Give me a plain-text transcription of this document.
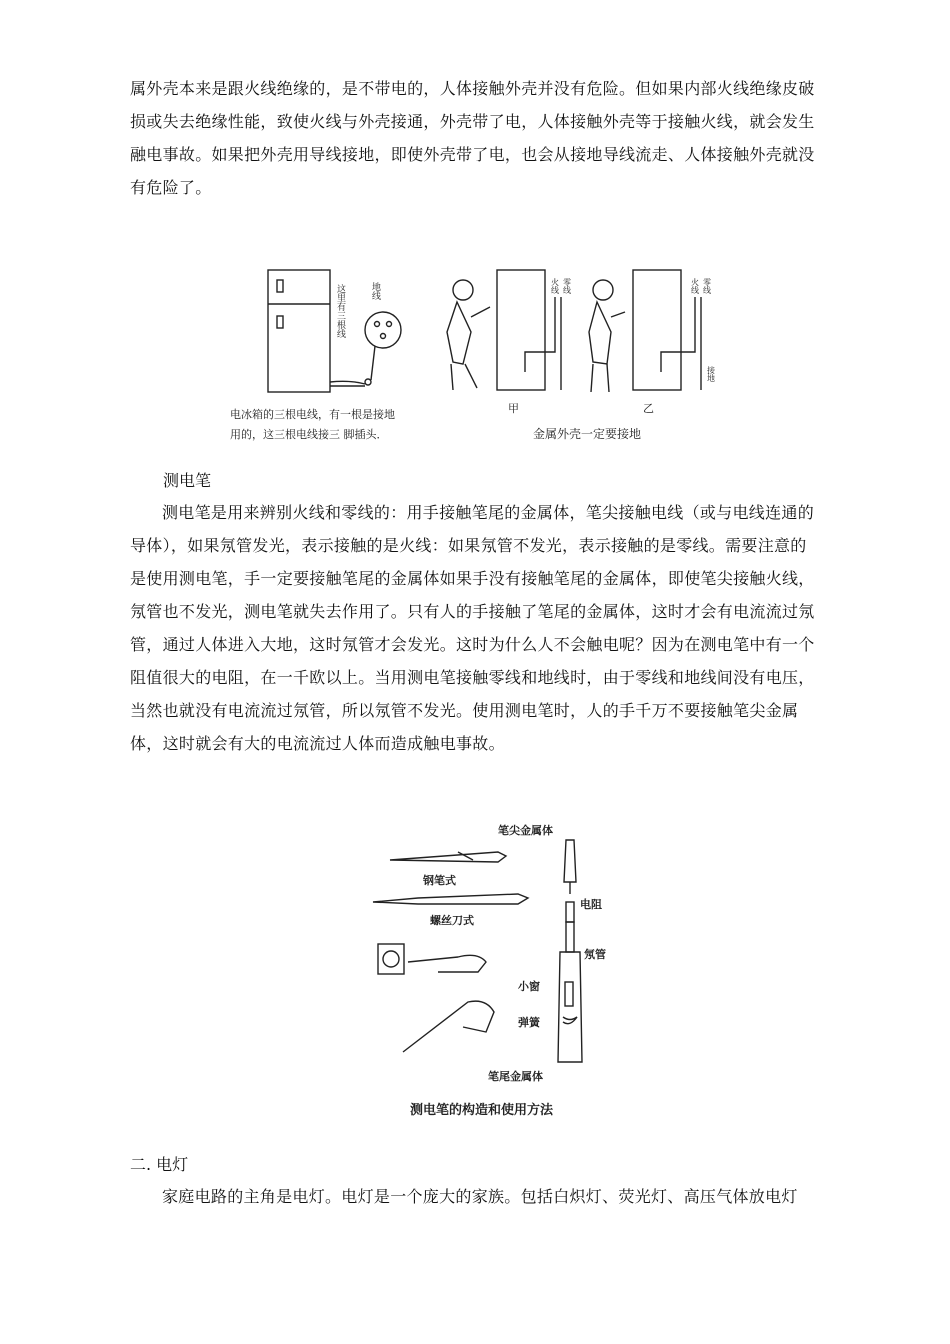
属外壳本来是跟火线绝缘的，是不带电的，人体接触外壳并没有危险。但如果内部火线绝缘皮破损或失去绝缘性能，致使火线与外壳接通，外壳带了电，人体接触外壳等于接触火线，就会发生融电事故。如果把外壳用导线接地，即使外壳带了电，也会从接地导线流走、人体接触外壳就没有危险了。

这里有三根线	地线
电冰箱的三根电线，有一根是接地
用的，这三根电线接三 脚插头．
火线 零线
甲
火线 零线
接地
乙
金属外壳一定要接地

测电笔

测电笔是用来辨别火线和零线的：用手接触笔尾的金属体，笔尖接触电线（或与电线连通的导体），如果氖管发光，表示接触的是火线：如果氖管不发光，表示接触的是零线。需要注意的是使用测电笔，手一定要接触笔尾的金属体如果手没有接触笔尾的金属体，即使笔尖接触火线，氖管也不发光，测电笔就失去作用了。只有人的手接触了笔尾的金属体，这时才会有电流流过氖管，通过人体进入大地，这时氖管才会发光。这时为什么人不会触电呢？因为在测电笔中有一个阻值很大的电阻，在一千欧以上。当用测电笔接触零线和地线时，由于零线和地线间没有电压，当然也就没有电流流过氖管，所以氖管不发光。使用测电笔时，人的手千万不要接触笔尖金属体，这时就会有大的电流流过人体而造成触电事故。

钢笔式
螺丝刀式
笔尖金属体
电阻
氖管
小窗
弹簧
笔尾金属体
测电笔的构造和使用方法

二. 电灯

家庭电路的主角是电灯。电灯是一个庞大的家族。包括白炽灯、荧光灯、高压气体放电灯
